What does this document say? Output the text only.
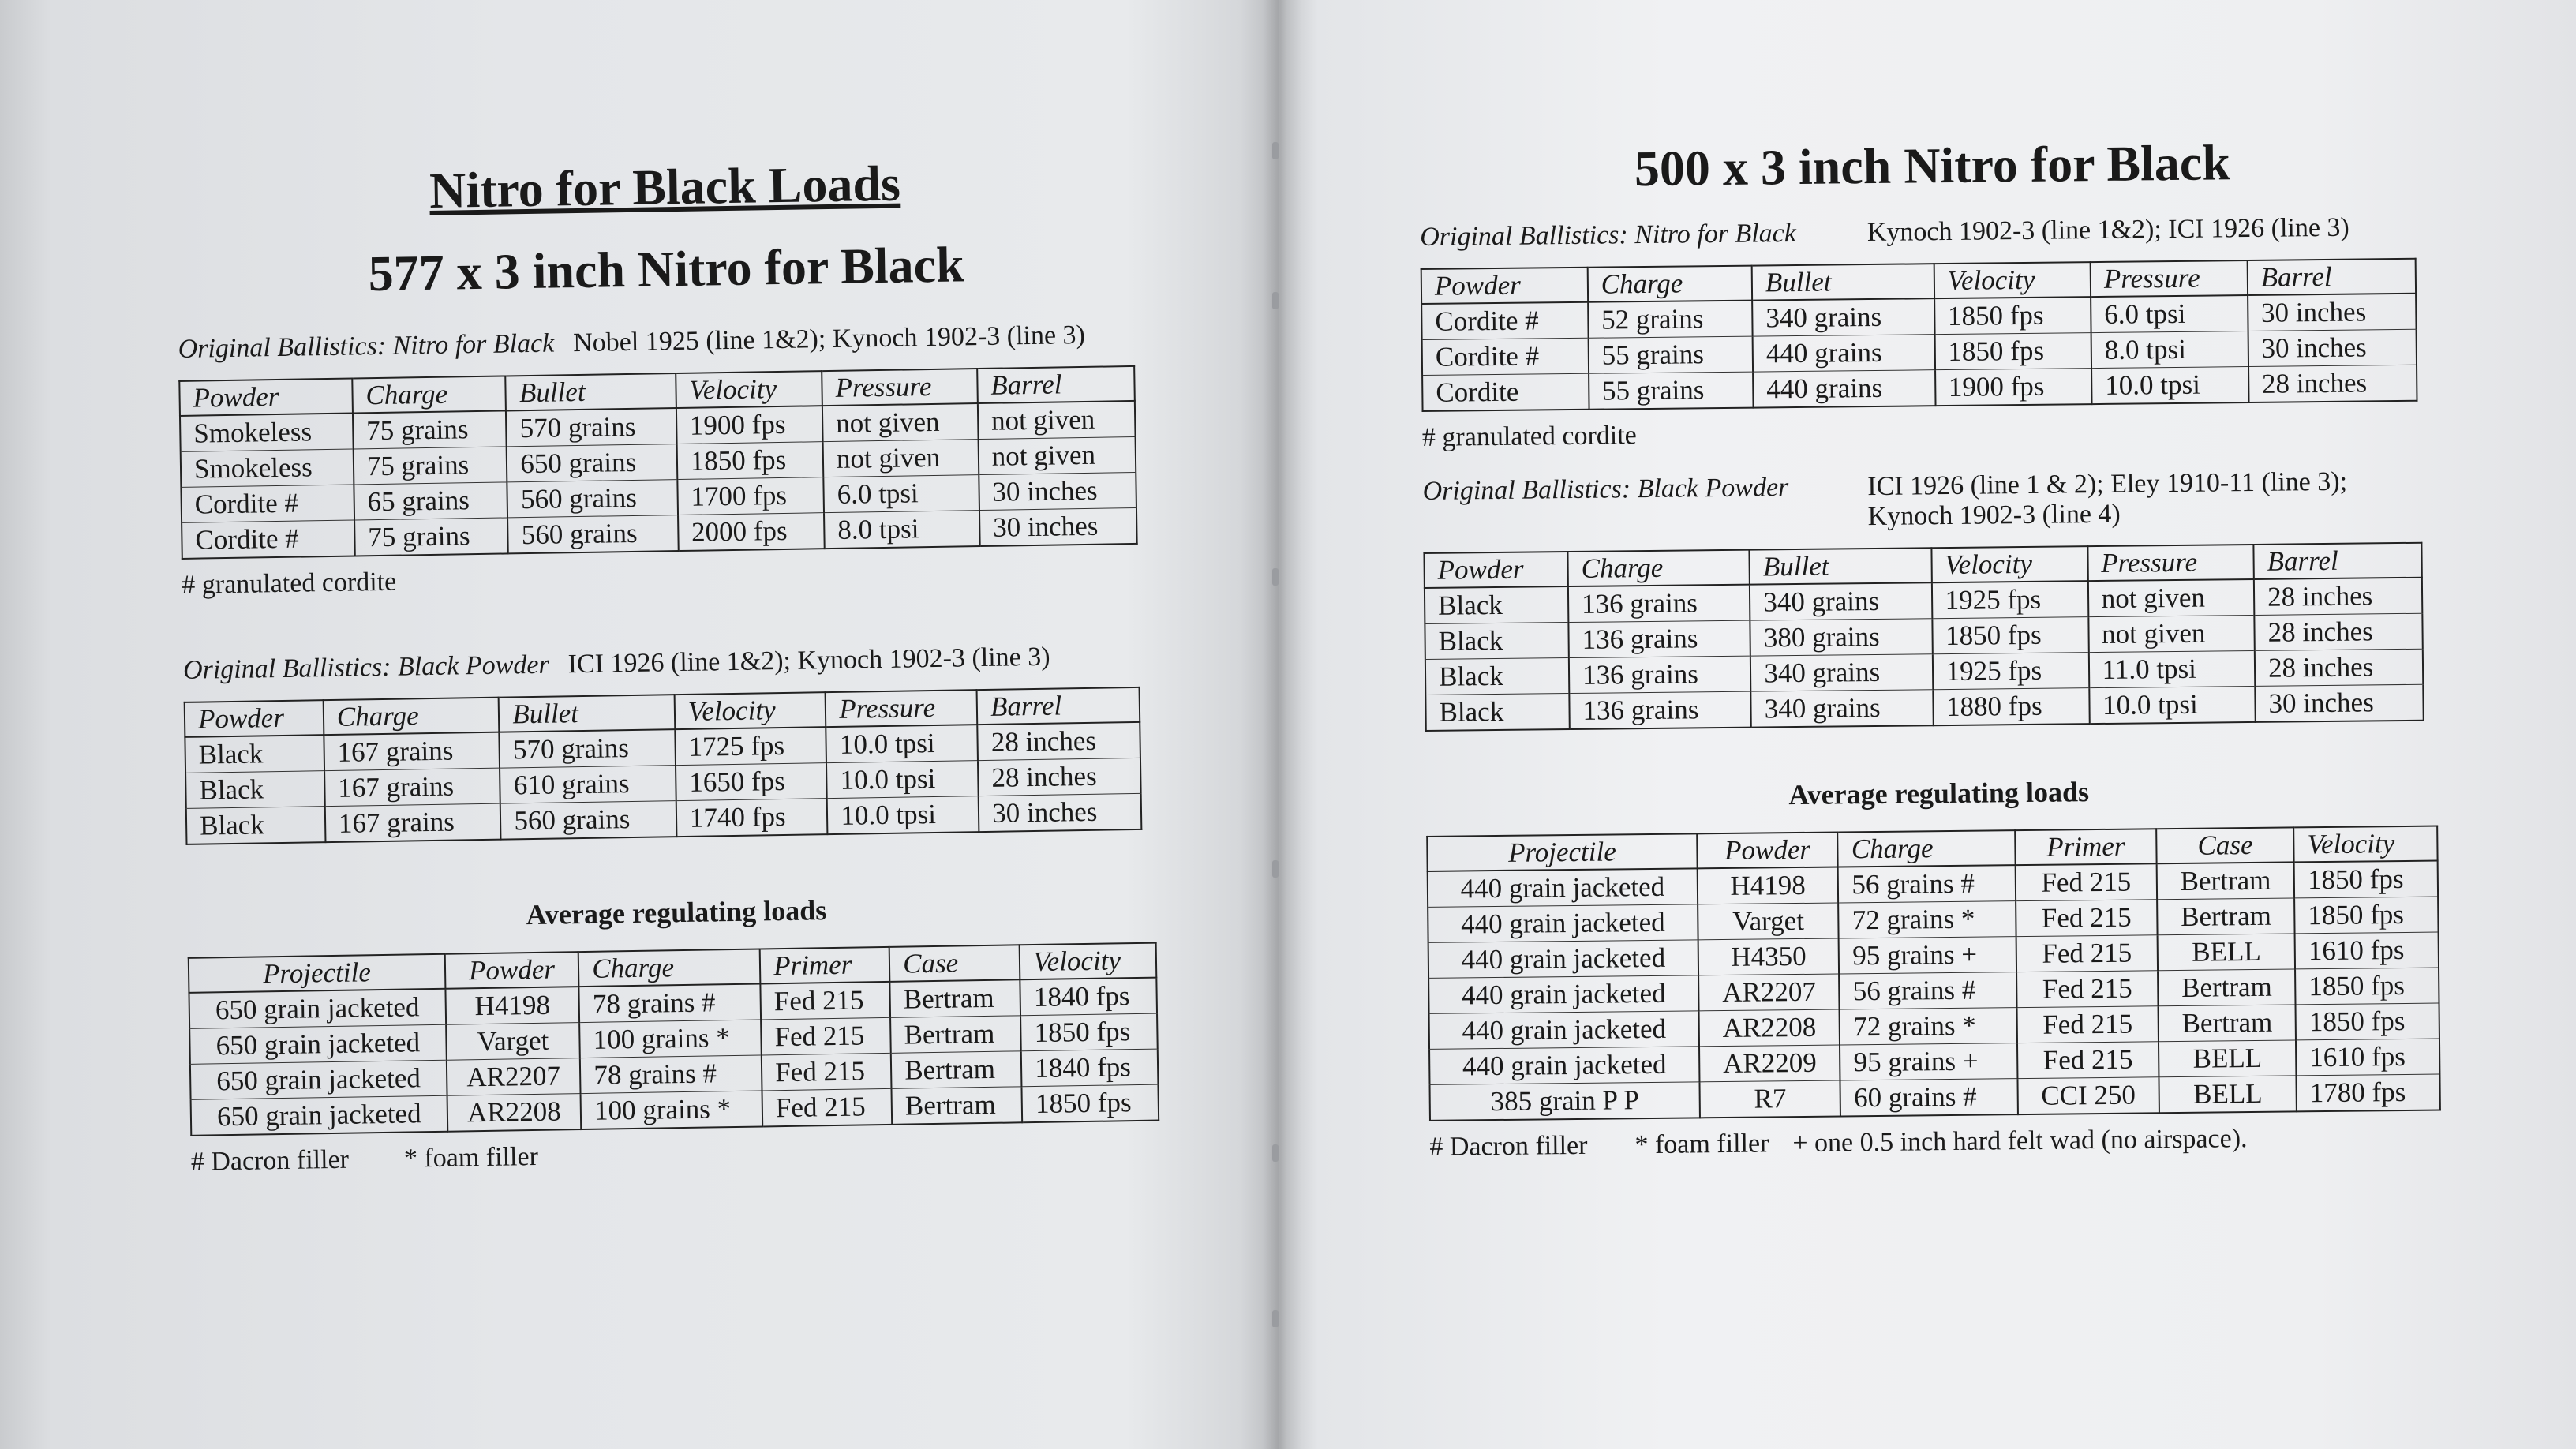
Nitro for Black Loads
577 x 3 inch Nitro for Black
Original Ballistics: Nitro for Black Nobel 1925 (line 1&2); Kynoch 1902-3 (line 3)
Powder	Charge	Bullet	Velocity	Pressure	Barrel
Smokeless	75 grains	570 grains	1900 fps	not given	not given
Smokeless	75 grains	650 grains	1850 fps	not given	not given
Cordite #	65 grains	560 grains	1700 fps	6.0 tpsi	30 inches
Cordite #	75 grains	560 grains	2000 fps	8.0 tpsi	30 inches
# granulated cordite
Original Ballistics: Black Powder ICI 1926 (line 1&2); Kynoch 1902-3 (line 3)
Powder	Charge	Bullet	Velocity	Pressure	Barrel
Black	167 grains	570 grains	1725 fps	10.0 tpsi	28 inches
Black	167 grains	610 grains	1650 fps	10.0 tpsi	28 inches
Black	167 grains	560 grains	1740 fps	10.0 tpsi	30 inches
Average regulating loads
Projectile	Powder	Charge	Primer	Case	Velocity
650 grain jacketed	H4198	78 grains #	Fed 215	Bertram	1840 fps
650 grain jacketed	Varget	100 grains *	Fed 215	Bertram	1850 fps
650 grain jacketed	AR2207	78 grains #	Fed 215	Bertram	1840 fps
650 grain jacketed	AR2208	100 grains *	Fed 215	Bertram	1850 fps
# Dacron filler * foam filler
500 x 3 inch Nitro for Black
Original Ballistics: Nitro for Black	Kynoch 1902-3 (line 1&2); ICI 1926 (line 3)
Powder	Charge	Bullet	Velocity	Pressure	Barrel
Cordite #	52 grains	340 grains	1850 fps	6.0 tpsi	30 inches
Cordite #	55 grains	440 grains	1850 fps	8.0 tpsi	30 inches
Cordite	55 grains	440 grains	1900 fps	10.0 tpsi	28 inches
# granulated cordite
Original Ballistics: Black Powder	ICI 1926 (line 1 & 2); Eley 1910-11 (line 3);
Kynoch 1902-3 (line 4)
Powder	Charge	Bullet	Velocity	Pressure	Barrel
Black	136 grains	340 grains	1925 fps	not given	28 inches
Black	136 grains	380 grains	1850 fps	not given	28 inches
Black	136 grains	340 grains	1925 fps	11.0 tpsi	28 inches
Black	136 grains	340 grains	1880 fps	10.0 tpsi	30 inches
Average regulating loads
Projectile	Powder	Charge	Primer	Case	Velocity
440 grain jacketed	H4198	56 grains #	Fed 215	Bertram	1850 fps
440 grain jacketed	Varget	72 grains *	Fed 215	Bertram	1850 fps
440 grain jacketed	H4350	95 grains +	Fed 215	BELL	1610 fps
440 grain jacketed	AR2207	56 grains #	Fed 215	Bertram	1850 fps
440 grain jacketed	AR2208	72 grains *	Fed 215	Bertram	1850 fps
440 grain jacketed	AR2209	95 grains +	Fed 215	BELL	1610 fps
385 grain P P	R7	60 grains #	CCI 250	BELL	1780 fps
# Dacron filler * foam filler + one 0.5 inch hard felt wad (no airspace).
